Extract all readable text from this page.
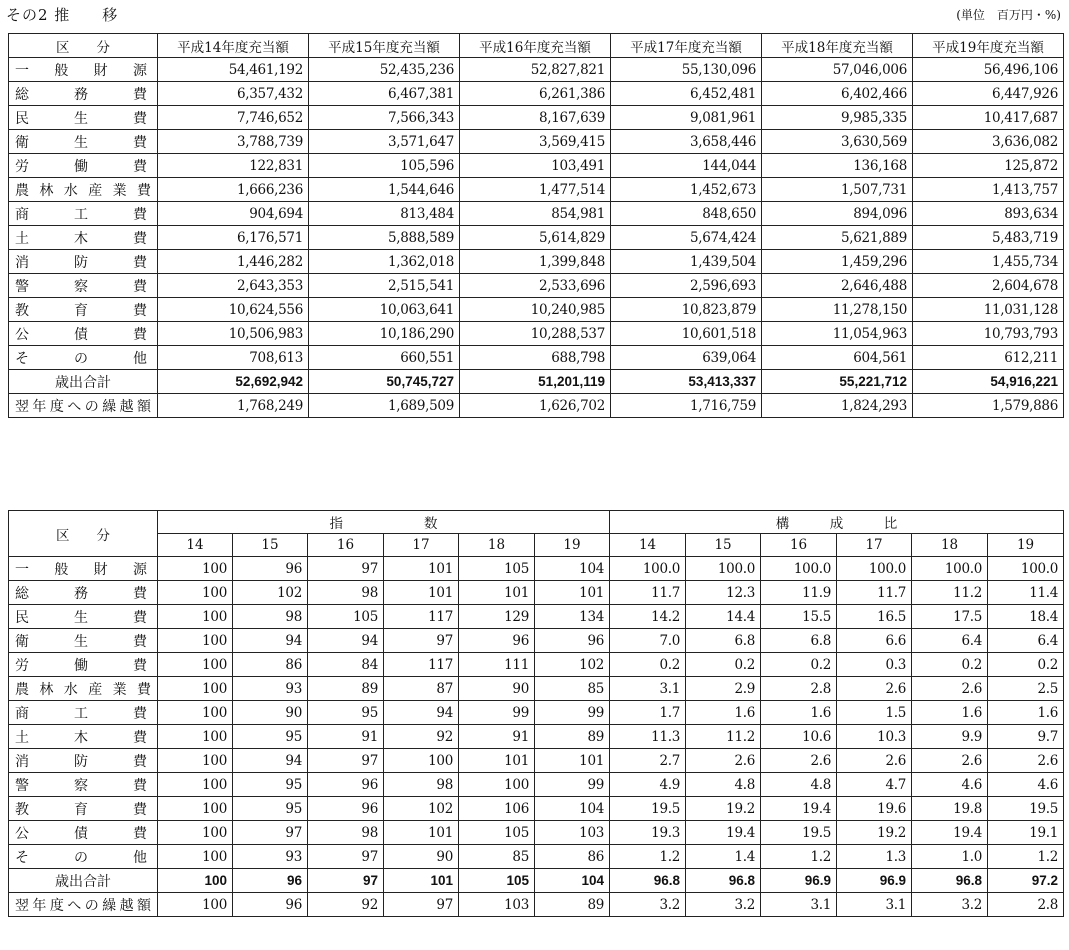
その2 推　　移	(単位　百万円・%)
区　　分	平成14年度充当額	平成15年度充当額	平成16年度充当額	平成17年度充当額	平成18年度充当額	平成19年度充当額
一般財源	54,461,192	52,435,236	52,827,821	55,130,096	57,046,006	56,496,106
総務費	6,357,432	6,467,381	6,261,386	6,452,481	6,402,466	6,447,926
民生費	7,746,652	7,566,343	8,167,639	9,081,961	9,985,335	10,417,687
衛生費	3,788,739	3,571,647	3,569,415	3,658,446	3,630,569	3,636,082
労働費	122,831	105,596	103,491	144,044	136,168	125,872
農林水産業費	1,666,236	1,544,646	1,477,514	1,452,673	1,507,731	1,413,757
商工費	904,694	813,484	854,981	848,650	894,096	893,634
土木費	6,176,571	5,888,589	5,614,829	5,674,424	5,621,889	5,483,719
消防費	1,446,282	1,362,018	1,399,848	1,439,504	1,459,296	1,455,734
警察費	2,643,353	2,515,541	2,533,696	2,596,693	2,646,488	2,604,678
教育費	10,624,556	10,063,641	10,240,985	10,823,879	11,278,150	11,031,128
公債費	10,506,983	10,186,290	10,288,537	10,601,518	11,054,963	10,793,793
その他	708,613	660,551	688,798	639,064	604,561	612,211
歳出合計	52,692,942	50,745,727	51,201,119	53,413,337	55,221,712	54,916,221
翌年度への繰越額	1,768,249	1,689,509	1,626,702	1,716,759	1,824,293	1,579,886
区　　分	指　　　　　　数						構　　　成　　　比					
	14	15	16	17	18	19	14	15	16	17	18	19
一般財源	100	96	97	101	105	104	100.0	100.0	100.0	100.0	100.0	100.0
総務費	100	102	98	101	101	101	11.7	12.3	11.9	11.7	11.2	11.4
民生費	100	98	105	117	129	134	14.2	14.4	15.5	16.5	17.5	18.4
衛生費	100	94	94	97	96	96	7.0	6.8	6.8	6.6	6.4	6.4
労働費	100	86	84	117	111	102	0.2	0.2	0.2	0.3	0.2	0.2
農林水産業費	100	93	89	87	90	85	3.1	2.9	2.8	2.6	2.6	2.5
商工費	100	90	95	94	99	99	1.7	1.6	1.6	1.5	1.6	1.6
土木費	100	95	91	92	91	89	11.3	11.2	10.6	10.3	9.9	9.7
消防費	100	94	97	100	101	101	2.7	2.6	2.6	2.6	2.6	2.6
警察費	100	95	96	98	100	99	4.9	4.8	4.8	4.7	4.6	4.6
教育費	100	95	96	102	106	104	19.5	19.2	19.4	19.6	19.8	19.5
公債費	100	97	98	101	105	103	19.3	19.4	19.5	19.2	19.4	19.1
その他	100	93	97	90	85	86	1.2	1.4	1.2	1.3	1.0	1.2
歳出合計	100	96	97	101	105	104	96.8	96.8	96.9	96.9	96.8	97.2
翌年度への繰越額	100	96	92	97	103	89	3.2	3.2	3.1	3.1	3.2	2.8
